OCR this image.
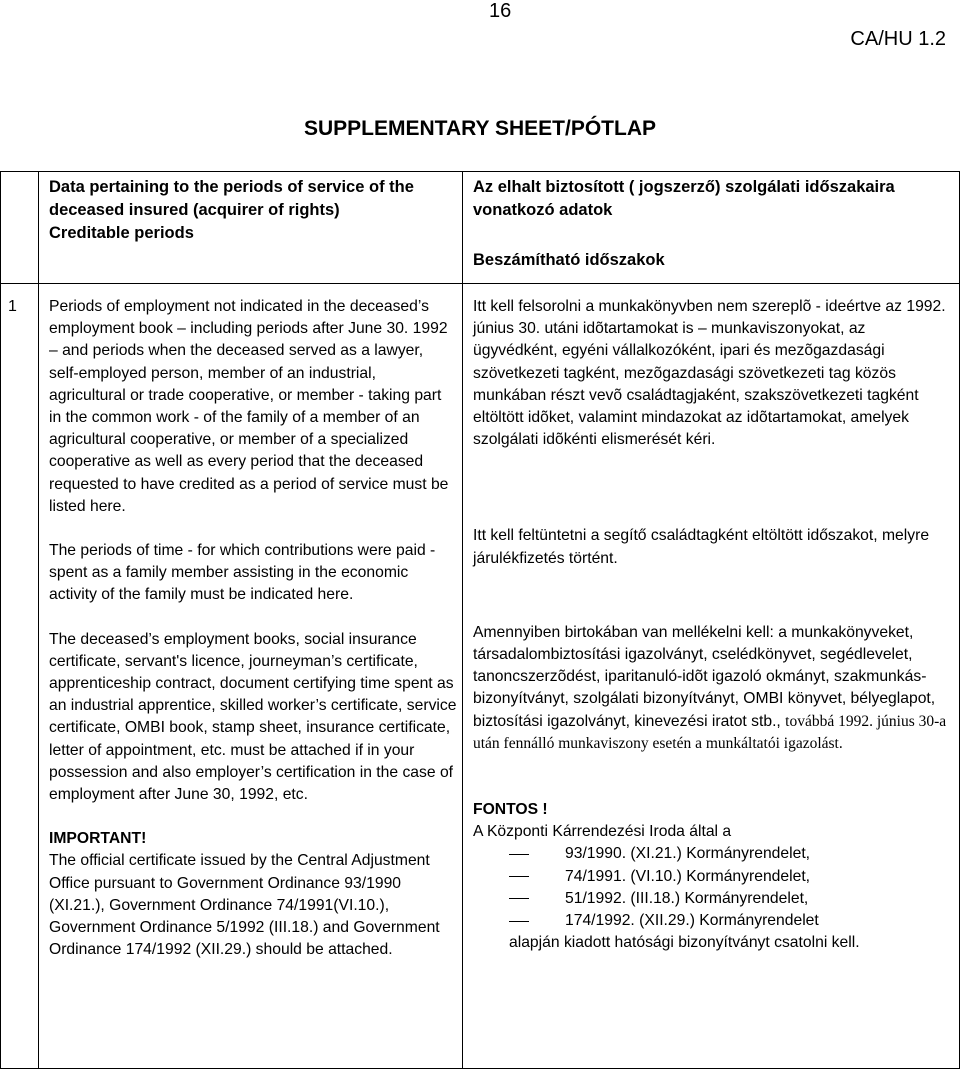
16
CA/HU 1.2
SUPPLEMENTARY SHEET/PÓTLAP
Data pertaining to the periods of service of the deceased insured (acquirer of rights)
Creditable periods
Az elhalt biztosított ( jogszerző) szolgálati időszakaira vonatkozó adatok
Beszámítható időszakok
1 Periods of employment not indicated in the deceased’s employment book – including periods after June 30. 1992 – and periods when the deceased served as a lawyer, self-employed person, member of an industrial, agricultural or trade cooperative, or member - taking part in the common work - of the family of a member of an agricultural cooperative, or member of a specialized cooperative as well as every period that the deceased requested to have credited as a period of service must be listed here.

The periods of time - for which contributions were paid - spent as a family member assisting in the economic activity of the family must be indicated here.

The deceased’s employment books, social insurance certificate, servant's licence, journeyman’s certificate, apprenticeship contract, document certifying time spent as an industrial apprentice, skilled worker’s certificate, service certificate, OMBI book, stamp sheet, insurance certificate, letter of appointment, etc. must be attached if in your possession and also employer’s certification in the case of employment after June 30, 1992, etc.

IMPORTANT!

The official certificate issued by the Central Adjustment Office pursuant to Government Ordinance 93/1990 (XI.21.), Government Ordinance 74/1991(VI.10.), Government Ordinance 5/1992 (III.18.) and Government Ordinance 174/1992 (XII.29.) should be attached.

Itt kell felsorolni a munkakönyvben nem szereplõ - ideértve az 1992. június 30. utáni idõtartamokat is – munkaviszonyokat, az ügyvédként, egyéni vállalkozóként, ipari és mezõgazdasági szövetkezeti tagként, mezõgazdasági szövetkezeti tag közös munkában részt vevõ családtagjaként, szakszövetkezeti tagként eltöltött idõket, valamint mindazokat az idõtartamokat, amelyek szolgálati idõkénti elismerését kéri.

Itt kell feltüntetni a segítő családtagként eltöltött időszakot, melyre járulékfizetés történt.

Amennyiben birtokában van mellékelni kell: a munkakönyveket, társadalombiztosítási igazolványt, cselédkönyvet, segédlevelet, tanoncszerzõdést, iparitanuló-idõt igazoló okmányt, szakmunkás-bizonyítványt, szolgálati bizonyítványt, OMBI könyvet, bélyeglapot, biztosítási igazolványt, kinevezési iratot stb., továbbá 1992. június 30-a után fennálló munkaviszony esetén a munkáltatói igazolást.

FONTOS !

A Központi Kárrendezési Iroda által a

93/1990. (XI.21.) Kormányrendelet,
74/1991. (VI.10.) Kormányrendelet,
51/1992. (III.18.) Kormányrendelet,
174/1992. (XII.29.) Kormányrendelet

alapján kiadott hatósági bizonyítványt csatolni kell.
